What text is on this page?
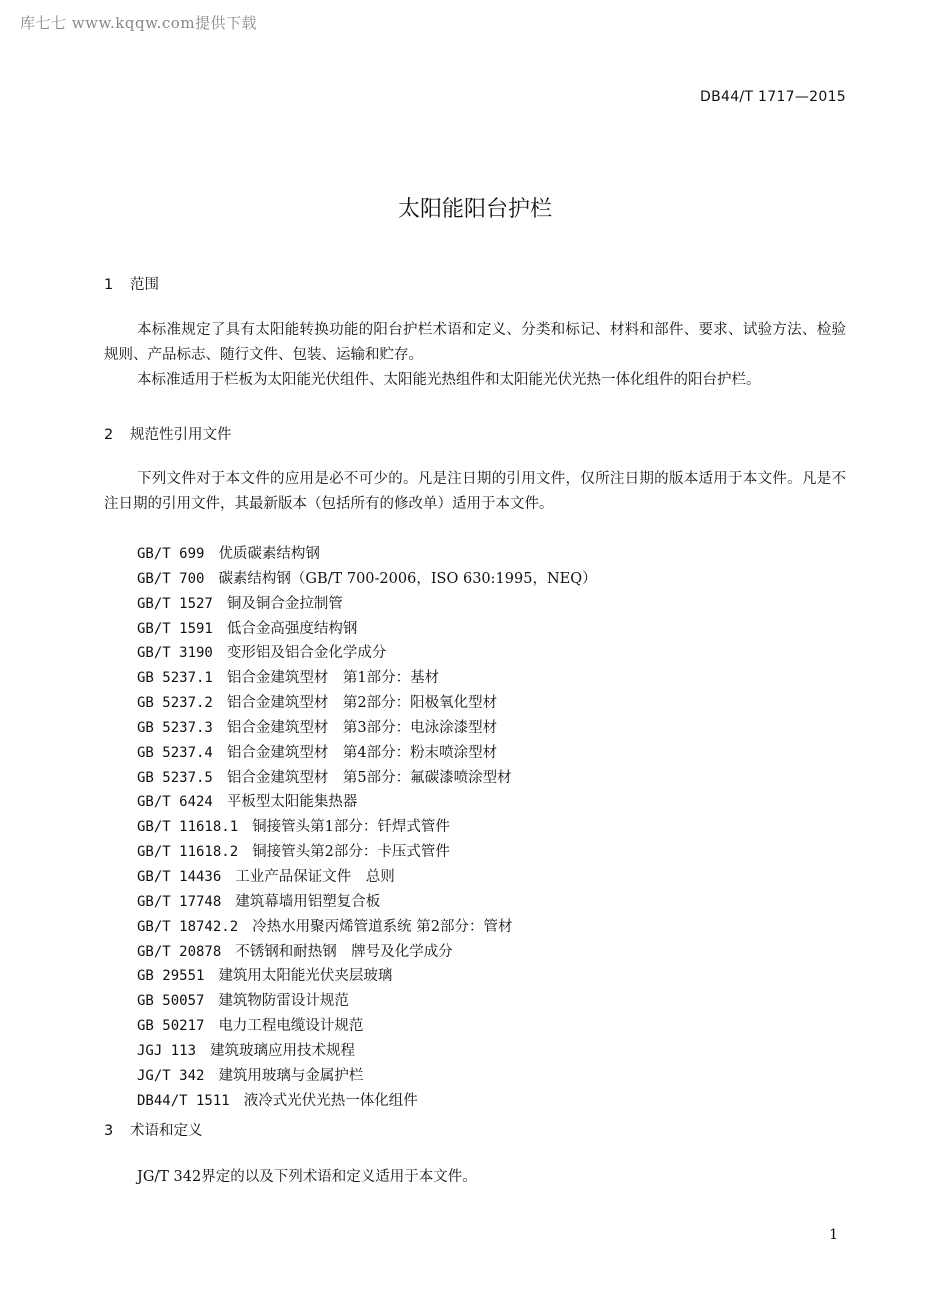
库七七 www.kqqw.com提供下载
DB44/T 1717—2015
太阳能阳台护栏
1 范围
本标准规定了具有太阳能转换功能的阳台护栏术语和定义、分类和标记、材料和部件、要求、试验方法、检验规则、产品标志、随行文件、包装、运输和贮存。
本标准适用于栏板为太阳能光伏组件、太阳能光热组件和太阳能光伏光热一体化组件的阳台护栏。
2 规范性引用文件
下列文件对于本文件的应用是必不可少的。凡是注日期的引用文件，仅所注日期的版本适用于本文件。凡是不注日期的引用文件，其最新版本（包括所有的修改单）适用于本文件。
GB/T 699 优质碳素结构钢
GB/T 700 碳素结构钢（GB/T 700-2006，ISO 630:1995，NEQ）
GB/T 1527 铜及铜合金拉制管
GB/T 1591 低合金高强度结构钢
GB/T 3190 变形铝及铝合金化学成分
GB 5237.1 铝合金建筑型材　第1部分：基材
GB 5237.2 铝合金建筑型材　第2部分：阳极氧化型材
GB 5237.3 铝合金建筑型材　第3部分：电泳涂漆型材
GB 5237.4 铝合金建筑型材　第4部分：粉末喷涂型材
GB 5237.5 铝合金建筑型材　第5部分：氟碳漆喷涂型材
GB/T 6424 平板型太阳能集热器
GB/T 11618.1 铜接管头第1部分：钎焊式管件
GB/T 11618.2 铜接管头第2部分：卡压式管件
GB/T 14436 工业产品保证文件　总则
GB/T 17748 建筑幕墙用铝塑复合板
GB/T 18742.2 冷热水用聚丙烯管道系统 第2部分：管材
GB/T 20878 不锈钢和耐热钢　牌号及化学成分
GB 29551 建筑用太阳能光伏夹层玻璃
GB 50057 建筑物防雷设计规范
GB 50217 电力工程电缆设计规范
JGJ 113 建筑玻璃应用技术规程
JG/T 342 建筑用玻璃与金属护栏
DB44/T 1511 液冷式光伏光热一体化组件
3 术语和定义
JG/T 342界定的以及下列术语和定义适用于本文件。
1
